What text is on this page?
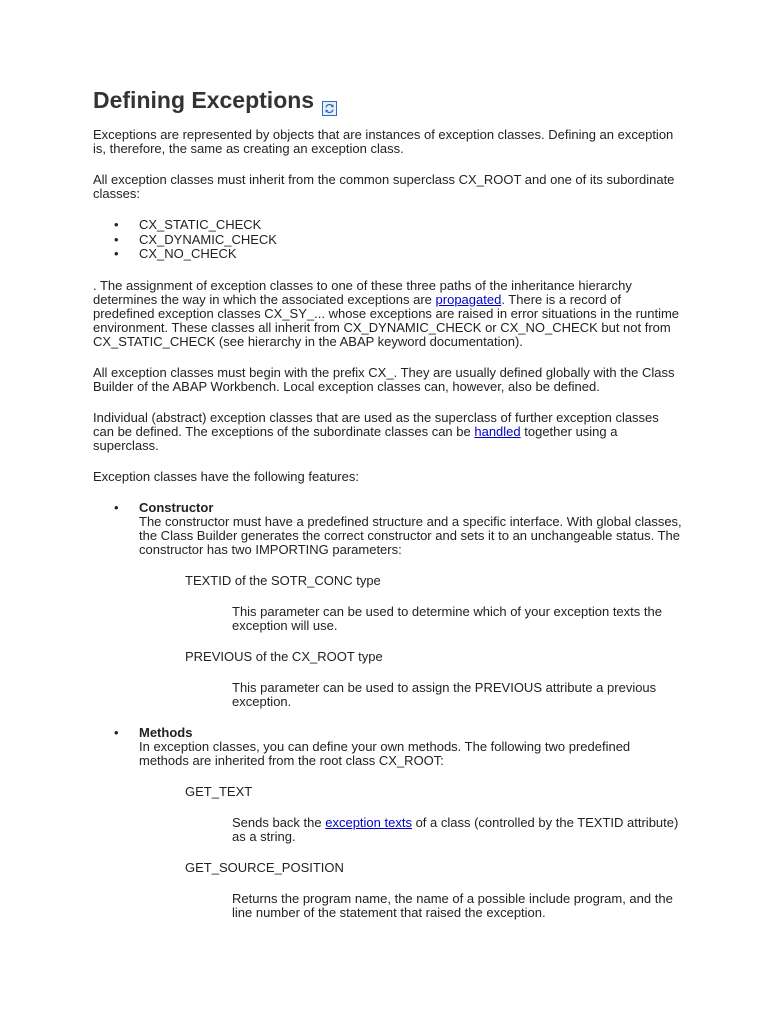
Defining Exceptions

Exceptions are represented by objects that are instances of exception classes. Defining an exception is, therefore, the same as creating an exception class.

All exception classes must inherit from the common superclass CX_ROOT and one of its subordinate classes:

• CX_STATIC_CHECK
• CX_DYNAMIC_CHECK
• CX_NO_CHECK

. The assignment of exception classes to one of these three paths of the inheritance hierarchy determines the way in which the associated exceptions are propagated. There is a record of predefined exception classes CX_SY_... whose exceptions are raised in error situations in the runtime environment. These classes all inherit from CX_DYNAMIC_CHECK or CX_NO_CHECK but not from CX_STATIC_CHECK (see hierarchy in the ABAP keyword documentation).

All exception classes must begin with the prefix CX_. They are usually defined globally with the Class Builder of the ABAP Workbench. Local exception classes can, however, also be defined.

Individual (abstract) exception classes that are used as the superclass of further exception classes can be defined. The exceptions of the subordinate classes can be handled together using a superclass.

Exception classes have the following features:

• Constructor
The constructor must have a predefined structure and a specific interface. With global classes, the Class Builder generates the correct constructor and sets it to an unchangeable status. The constructor has two IMPORTING parameters:
TEXTID of the SOTR_CONC type
This parameter can be used to determine which of your exception texts the exception will use.
PREVIOUS of the CX_ROOT type
This parameter can be used to assign the PREVIOUS attribute a previous exception.
• Methods
In exception classes, you can define your own methods. The following two predefined methods are inherited from the root class CX_ROOT:
GET_TEXT
Sends back the exception texts of a class (controlled by the TEXTID attribute) as a string.
GET_SOURCE_POSITION
Returns the program name, the name of a possible include program, and the line number of the statement that raised the exception.
